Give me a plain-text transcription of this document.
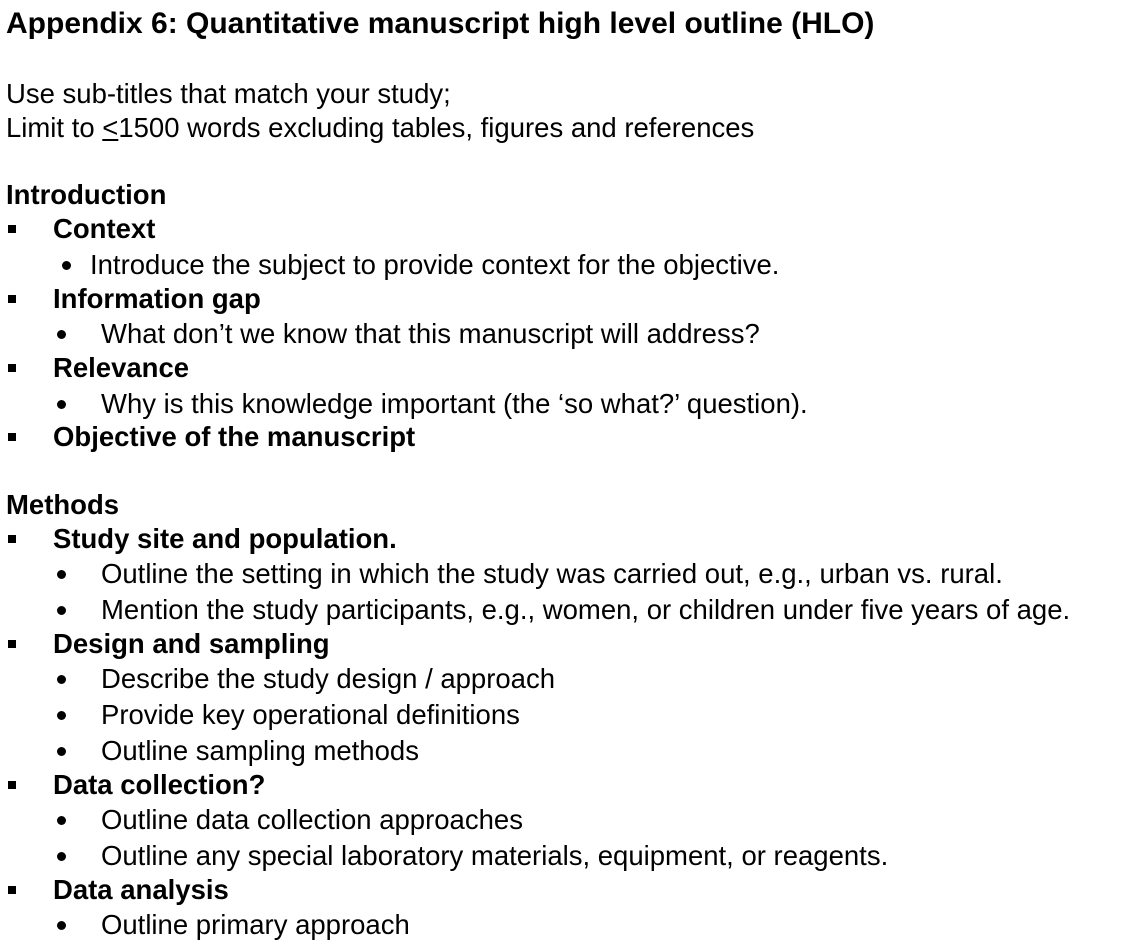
Appendix 6: Quantitative manuscript high level outline (HLO)
Use sub-titles that match your study;
Limit to <1500 words excluding tables, figures and references
Introduction
Context
Introduce the subject to provide context for the objective.
Information gap
What don’t we know that this manuscript will address?
Relevance
Why is this knowledge important (the ‘so what?’ question).
Objective of the manuscript
Methods
Study site and population.
Outline the setting in which the study was carried out, e.g., urban vs. rural.
Mention the study participants, e.g., women, or children under five years of age.
Design and sampling
Describe the study design / approach
Provide key operational definitions
Outline sampling methods
Data collection?
Outline data collection approaches
Outline any special laboratory materials, equipment, or reagents.
Data analysis
Outline primary approach
